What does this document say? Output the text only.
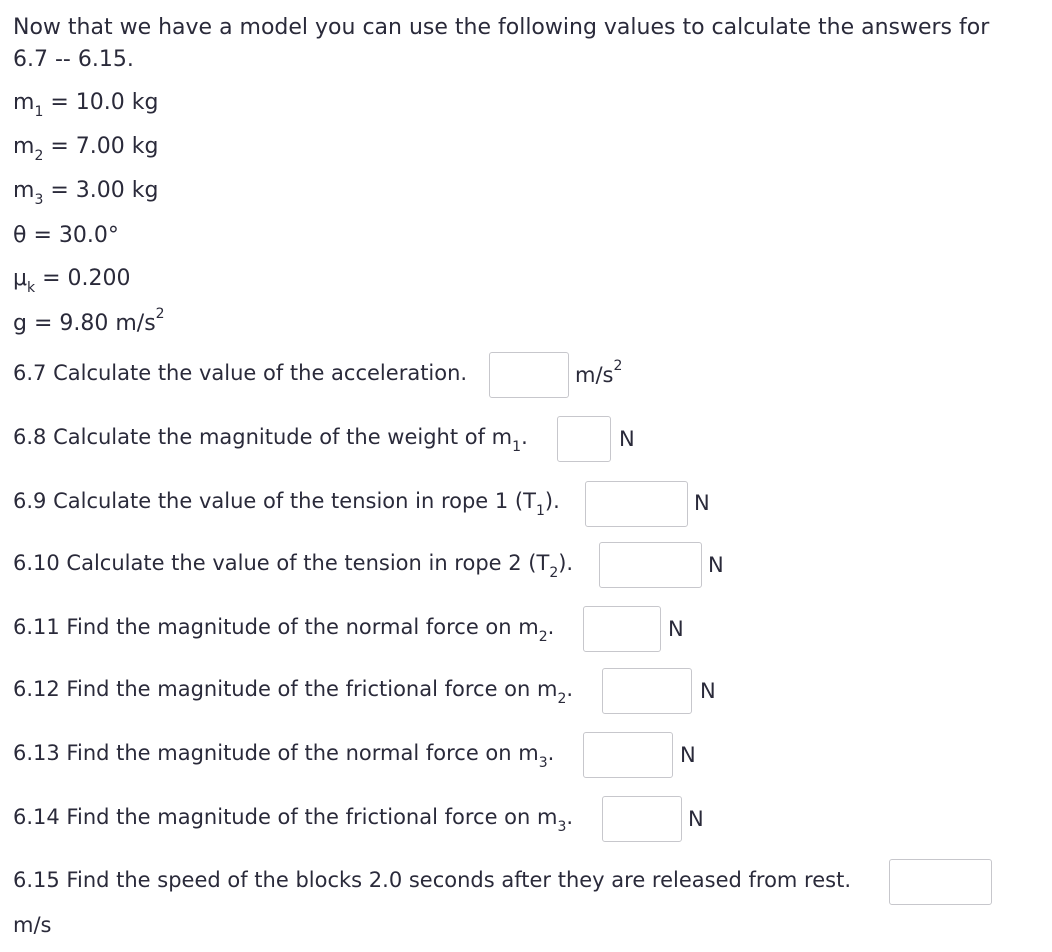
Now that we have a model you can use the following values to calculate the answers for
6.7 -- 6.15.
$m_1 = 10.0$ kg
$m_2 = 7.00$ kg
$m_3 = 3.00$ kg
θ = 30.0°
$\mu_k = 0.200$
g = 9.80 $m/s^2$
6.7 Calculate the value of the acceleration.	$m/s^2$
6.8 Calculate the magnitude of the weight of $m_1$.	N
6.9 Calculate the value of the tension in rope 1 $(T_1)$.	N
6.10 Calculate the value of the tension in rope 2 $(T_2)$.	N
6.11 Find the magnitude of the normal force on $m_2$.	N
6.12 Find the magnitude of the frictional force on $m_2$.	N
6.13 Find the magnitude of the normal force on $m_3$.	N
6.14 Find the magnitude of the frictional force on $m_3$.	N
6.15 Find the speed of the blocks 2.0 seconds after they are released from rest.
m/s
